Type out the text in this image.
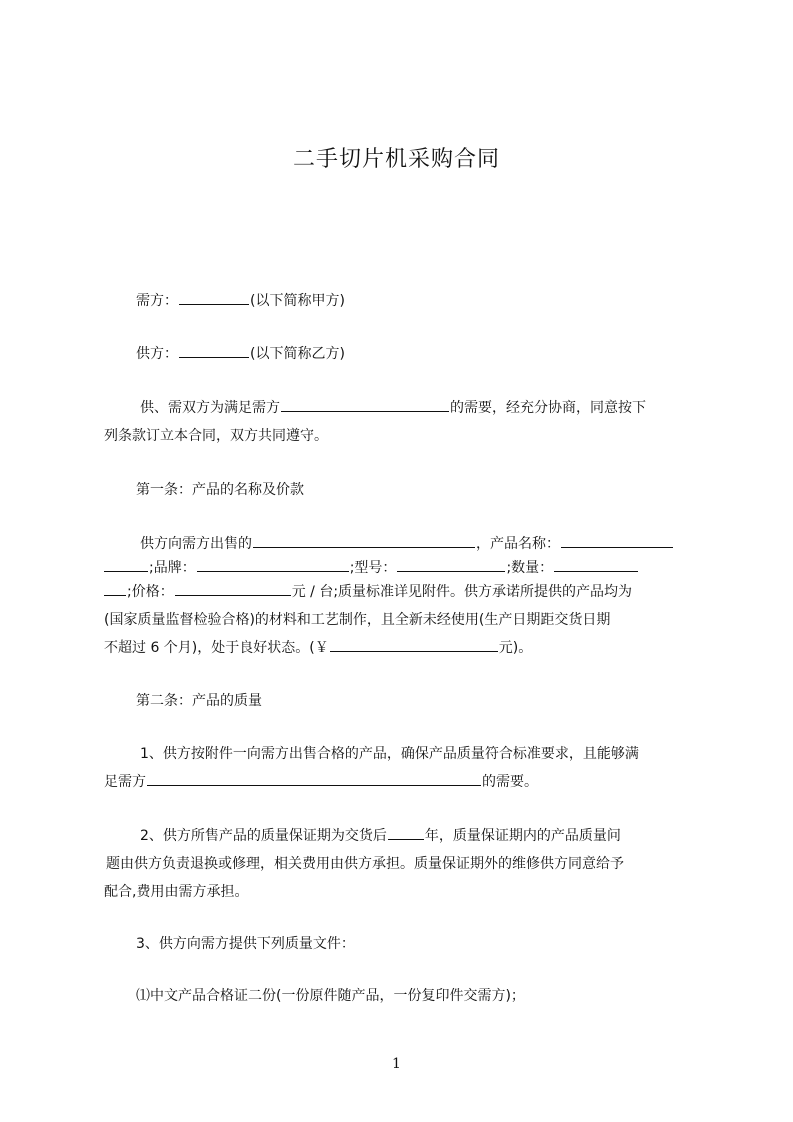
二手切片机采购合同
需方：	(以下简称甲方)
供方：	(以下简称乙方)
供、需双方为满足需方	的需要，经充分协商，同意按下
列条款订立本合同，双方共同遵守。
第一条：产品的名称及价款
供方向需方出售的	，产品名称：
;品牌：	;型号：	;数量：
;价格：	元 / 台;质量标准详见附件。供方承诺所提供的产品均为
(国家质量监督检验合格)的材料和工艺制作，且全新未经使用(生产日期距交货日期
不超过 6 个月)，处于良好状态。(￥	元)。
第二条：产品的质量
1、供方按附件一向需方出售合格的产品，确保产品质量符合标准要求，且能够满
足需方	的需要。
2、供方所售产品的质量保证期为交货后	年，质量保证期内的产品质量问
题由供方负责退换或修理，相关费用由供方承担。质量保证期外的维修供方同意给予
配合,费用由需方承担。
3、供方向需方提供下列质量文件：
⑴中文产品合格证二份(一份原件随产品，一份复印件交需方)；
1
